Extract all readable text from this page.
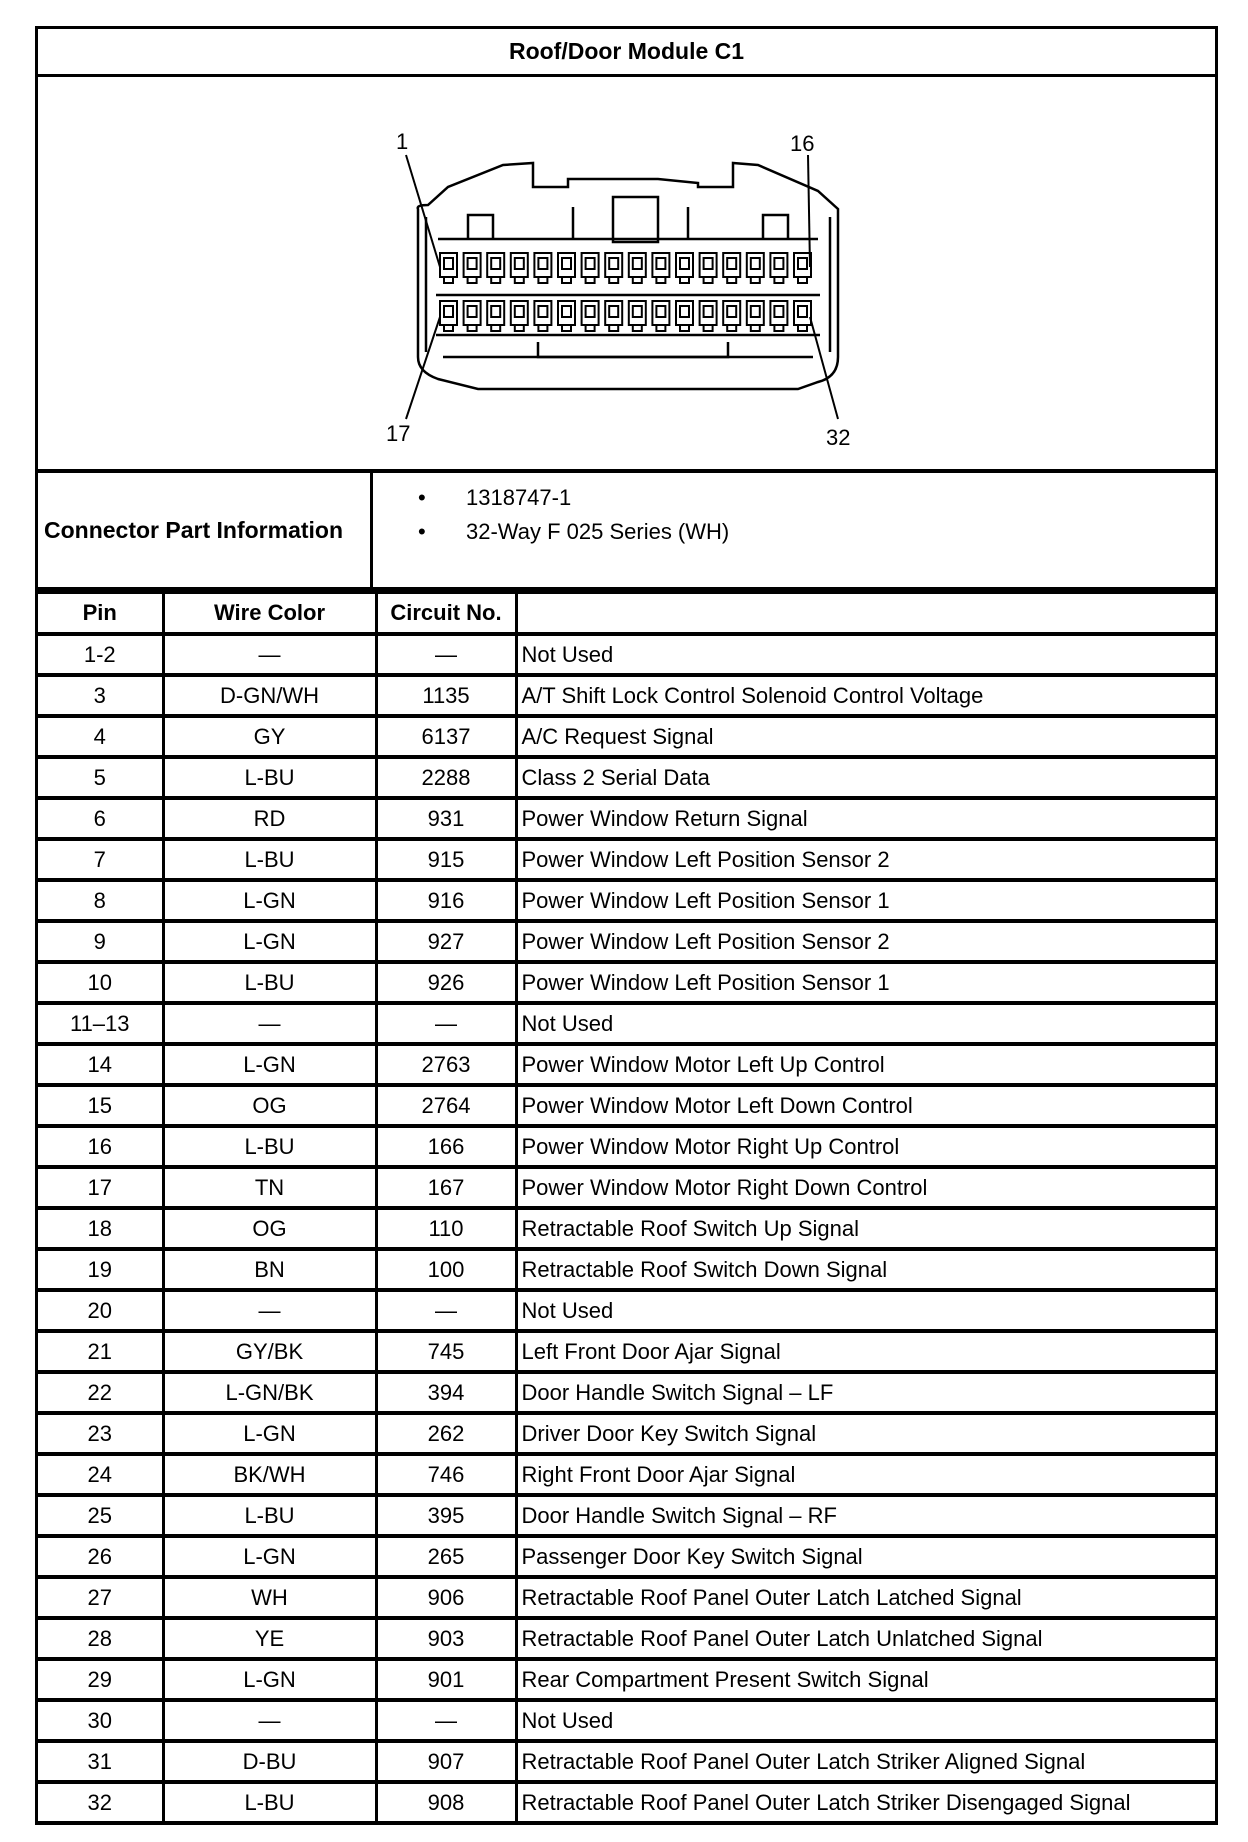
Roof/Door Module C1
1	16
17	32
Connector Part Information
• 1318747-1
• 32-Way F 025 Series (WH)
Pin	Wire Color	Circuit No.	
1-2	—	—	Not Used
3	D-GN/WH	1135	A/T Shift Lock Control Solenoid Control Voltage
4	GY	6137	A/C Request Signal
5	L-BU	2288	Class 2 Serial Data
6	RD	931	Power Window Return Signal
7	L-BU	915	Power Window Left Position Sensor 2
8	L-GN	916	Power Window Left Position Sensor 1
9	L-GN	927	Power Window Left Position Sensor 2
10	L-BU	926	Power Window Left Position Sensor 1
11–13	—	—	Not Used
14	L-GN	2763	Power Window Motor Left Up Control
15	OG	2764	Power Window Motor Left Down Control
16	L-BU	166	Power Window Motor Right Up Control
17	TN	167	Power Window Motor Right Down Control
18	OG	110	Retractable Roof Switch Up Signal
19	BN	100	Retractable Roof Switch Down Signal
20	—	—	Not Used
21	GY/BK	745	Left Front Door Ajar Signal
22	L-GN/BK	394	Door Handle Switch Signal – LF
23	L-GN	262	Driver Door Key Switch Signal
24	BK/WH	746	Right Front Door Ajar Signal
25	L-BU	395	Door Handle Switch Signal – RF
26	L-GN	265	Passenger Door Key Switch Signal
27	WH	906	Retractable Roof Panel Outer Latch Latched Signal
28	YE	903	Retractable Roof Panel Outer Latch Unlatched Signal
29	L-GN	901	Rear Compartment Present Switch Signal
30	—	—	Not Used
31	D-BU	907	Retractable Roof Panel Outer Latch Striker Aligned Signal
32	L-BU	908	Retractable Roof Panel Outer Latch Striker Disengaged Signal
